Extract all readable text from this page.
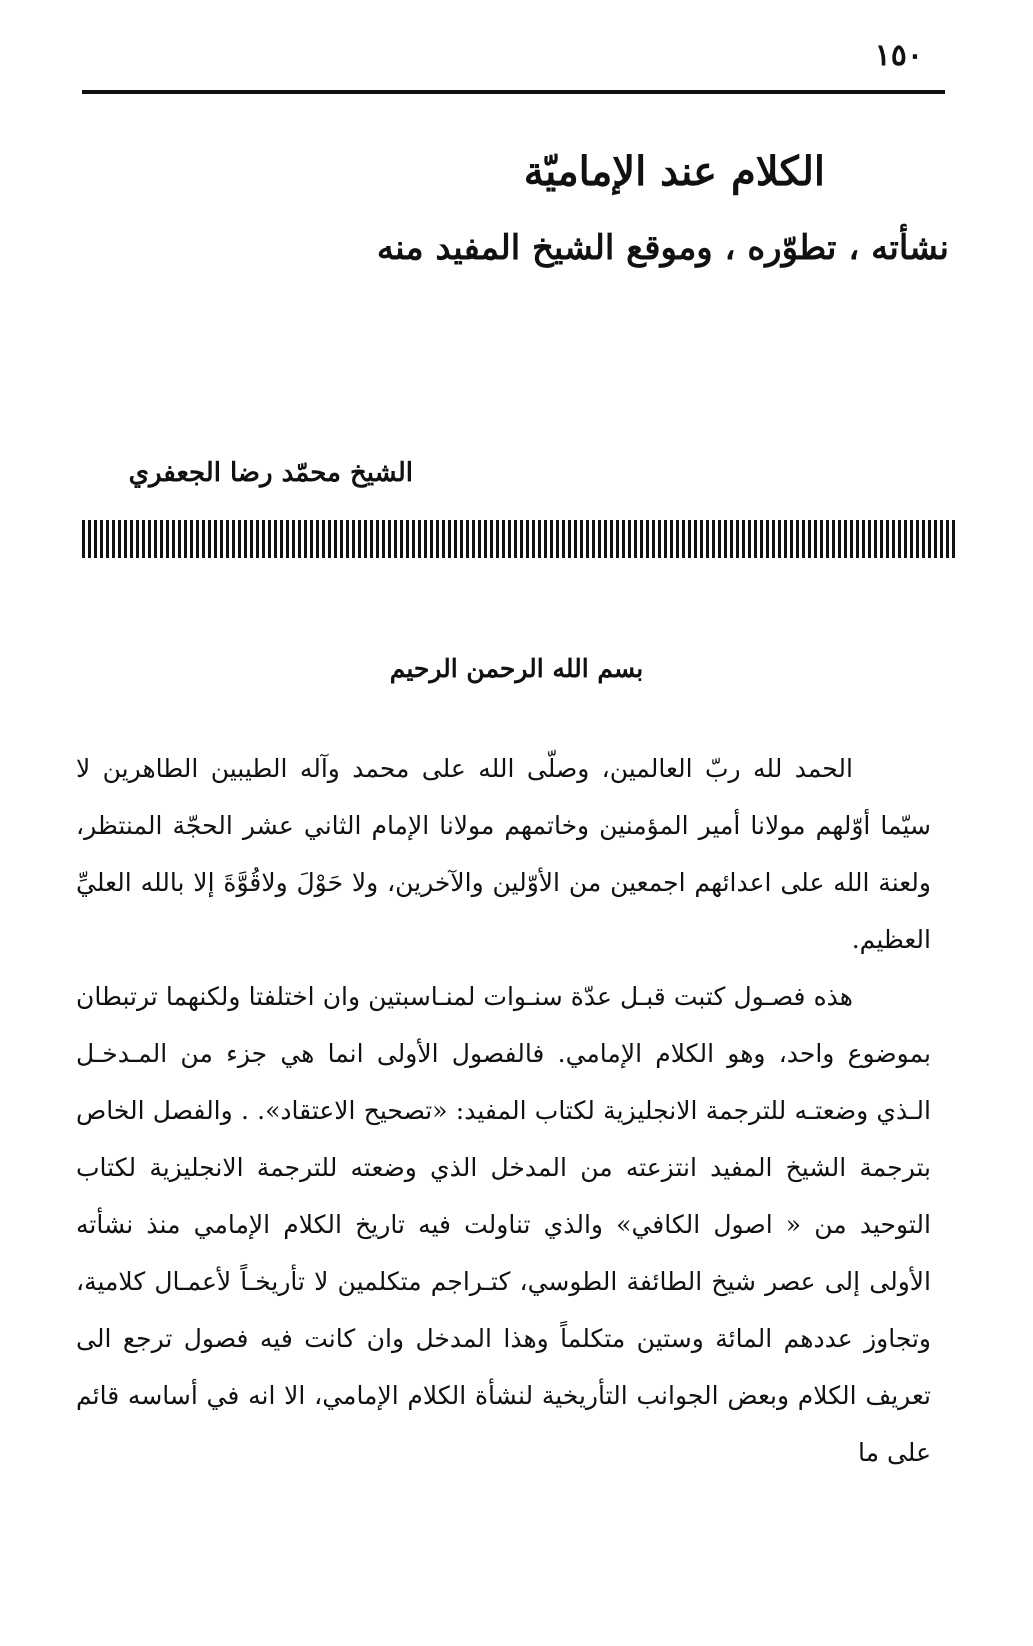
١٥٠
الكلام عند الإماميّة
نشأته ، تطوّره ، وموقع الشيخ المفيد منه
الشيخ محمّد رضا الجعفري
بسم الله الرحمن الرحيم

الحمد لله ربّ العالمين، وصلّى الله على محمد وآله الطيبين الطاهرين لا سيّما أوّلهم مولانا أمير المؤمنين وخاتمهم مولانا الإمام الثاني عشر الحجّة المنتظر، ولعنة الله على اعدائهم اجمعين من الأوّلين والآخرين، ولا حَوْلَ ولاقُوَّةَ إلا بالله العليِّ العظيم.

هذه فصـول كتبت قبـل عدّة سنـوات لمنـاسبتين وان اختلفتا ولكنهما ترتبطان بموضوع واحد، وهو الكلام الإمامي. فالفصول الأولى انما هي جزء من المـدخـل الـذي وضعتـه للترجمة الانجليزية لكتاب المفيد: «تصحيح الاعتقاد». . والفصل الخاص بترجمة الشيخ المفيد انتزعته من المدخل الذي وضعته للترجمة الانجليزية لكتاب التوحيد من « اصول الكافي» والذي تناولت فيه تاريخ الكلام الإمامي منذ نشأته الأولى إلى عصر شيخ الطائفة الطوسي، كتـراجم متكلمين لا تأريخـاً لأعمـال كلامية، وتجاوز عددهم المائة وستين متكلماً وهذا المدخل وان كانت فيه فصول ترجع الى تعريف الكلام وبعض الجوانب التأريخية لنشأة الكلام الإمامي، الا انه في أساسه قائم على ما
